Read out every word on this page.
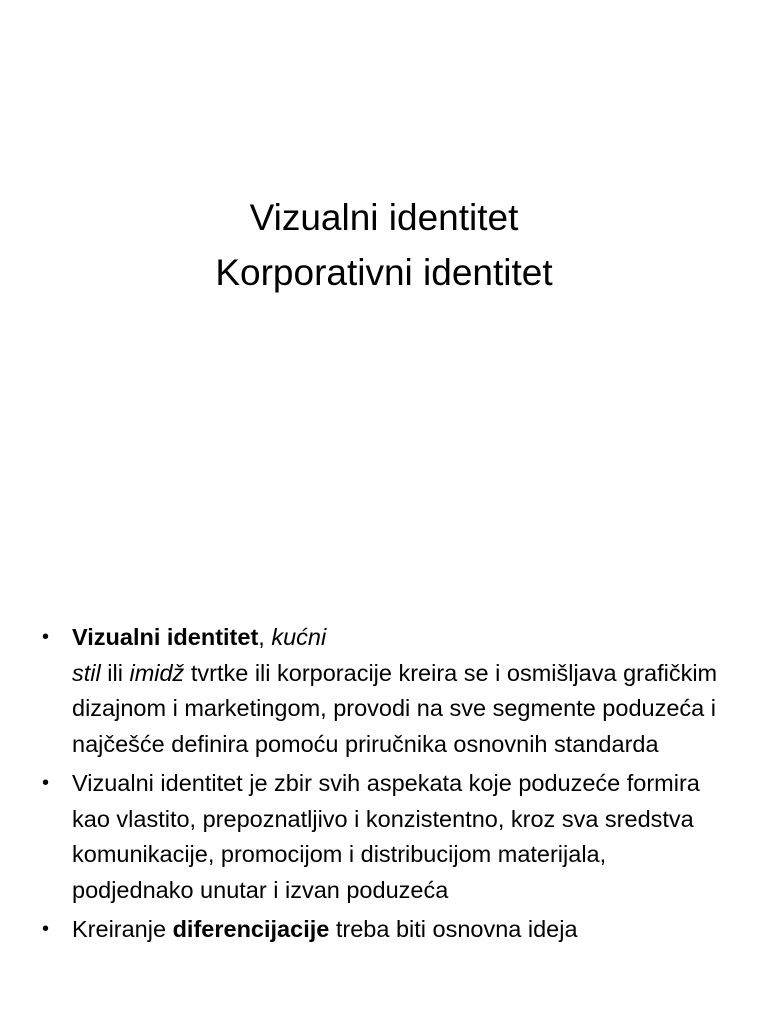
Vizualni identitet
Korporativni identitet
• Vizualni identitet, kućni
stil ili imidž tvrtke ili korporacije kreira se i osmišljava grafičkim dizajnom i marketingom, provodi na sve segmente poduzeća i najčešće definira pomoću priručnika osnovnih standarda
• Vizualni identitet je zbir svih aspekata koje poduzeće formira kao vlastito, prepoznatljivo i konzistentno, kroz sva sredstva komunikacije, promocijom i distribucijom materijala, podjednako unutar i izvan poduzeća
• Kreiranje diferencijacije treba biti osnovna ideja
